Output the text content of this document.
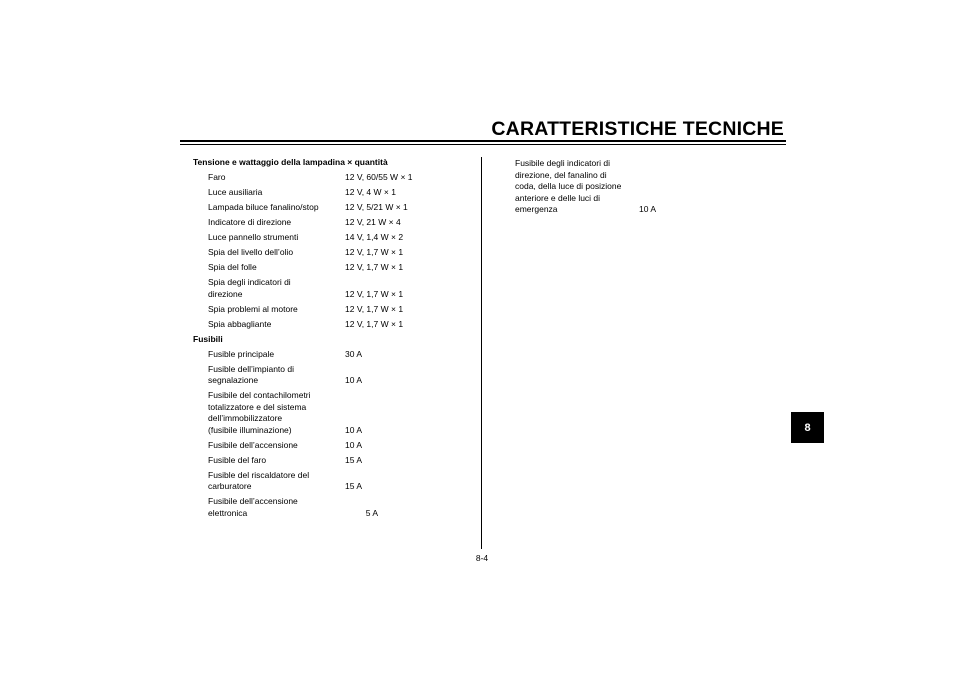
CARATTERISTICHE TECNICHE
Tensione e wattaggio della lampadina × quantità
Faro	12 V, 60/55 W × 1
Luce ausiliaria	12 V, 4 W × 1
Lampada biluce fanalino/stop	12 V, 5/21 W × 1
Indicatore di direzione	12 V, 21 W × 4
Luce pannello strumenti	14 V, 1,4 W × 2
Spia del livello dell’olio	12 V, 1,7 W × 1
Spia del folle	12 V, 1,7 W × 1
Spia degli indicatori di
direzione	12 V, 1,7 W × 1
Spia problemi al motore	12 V, 1,7 W × 1
Spia abbagliante	12 V, 1,7 W × 1
Fusibili
Fusible principale	30 A
Fusible dell’impianto di
segnalazione	10 A
Fusibile del contachilometri
totalizzatore e del sistema
dell’immobilizzatore
(fusibile illuminazione)	10 A
Fusibile dell’accensione	10 A
Fusible del faro	15 A
Fusible del riscaldatore del
carburatore	15 A
Fusibile dell’accensione
elettronica	5 A
Fusibile degli indicatori di
direzione, del fanalino di
coda, della luce di posizione
anteriore e delle luci di
emergenza	10 A
8-4
8
